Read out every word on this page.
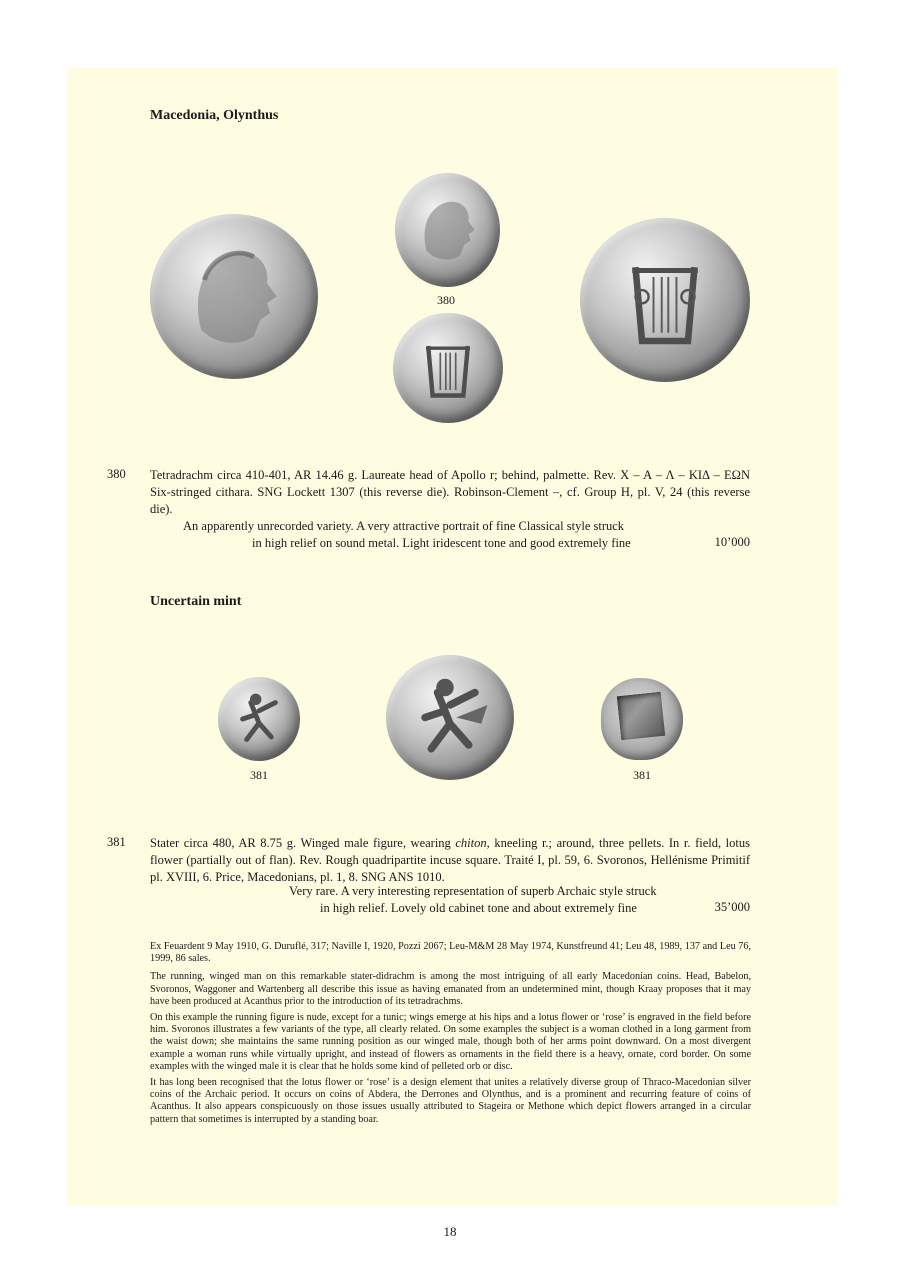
Macedonia, Olynthus
380
380 Tetradrachm circa 410-401, AR 14.46 g. Laureate head of Apollo r; behind, palmette. Rev. Χ – Α – Λ – ΚΙΔ – ΕΩΝ Six-stringed cithara. SNG Lockett 1307 (this reverse die). Robinson-Clement –, cf. Group H, pl. V, 24 (this reverse die).

An apparently unrecorded variety. A very attractive portrait of fine Classical style struck
in high relief on sound metal. Light iridescent tone and good extremely fine	10’000
Uncertain mint
381	381
381 Stater circa 480, AR 8.75 g. Winged male figure, wearing chiton, kneeling r.; around, three pellets. In r. field, lotus flower (partially out of flan). Rev. Rough quadripartite incuse square. Traité I, pl. 59, 6. Svoronos, Hellénisme Primitif pl. XVIII, 6. Price, Macedonians, pl. 1, 8. SNG ANS 1010.

Very rare. A very interesting representation of superb Archaic style struck
in high relief. Lovely old cabinet tone and about extremely fine	35’000

Ex Feuardent 9 May 1910, G. Duruflé, 317; Naville I, 1920, Pozzi 2067; Leu-M&M 28 May 1974, Kunstfreund 41; Leu 48, 1989, 137 and Leu 76, 1999, 86 sales.

The running, winged man on this remarkable stater-didrachm is among the most intriguing of all early Macedonian coins. Head, Babelon, Svoronos, Waggoner and Wartenberg all describe this issue as having emanated from an undetermined mint, though Kraay proposes that it may have been produced at Acanthus prior to the introduction of its tetradrachms.

On this example the running figure is nude, except for a tunic; wings emerge at his hips and a lotus flower or ‘rose’ is engraved in the field before him. Svoronos illustrates a few variants of the type, all clearly related. On some examples the subject is a woman clothed in a long garment from the waist down; she maintains the same running position as our winged male, though both of her arms point downward. On a most divergent example a woman runs while virtually upright, and instead of flowers as ornaments in the field there is a heavy, ornate, cord border. On some examples with the winged male it is clear that he holds some kind of pelleted orb or disc.

It has long been recognised that the lotus flower or ‘rose’ is a design element that unites a relatively diverse group of Thraco-Macedonian silver coins of the Archaic period. It occurs on coins of Abdera, the Derrones and Olynthus, and is a prominent and recurring feature of coins of Acanthus. It also appears conspicuously on those issues usually attributed to Stageira or Methone which depict flowers arranged in a circular pattern that sometimes is interrupted by a standing boar.

18
